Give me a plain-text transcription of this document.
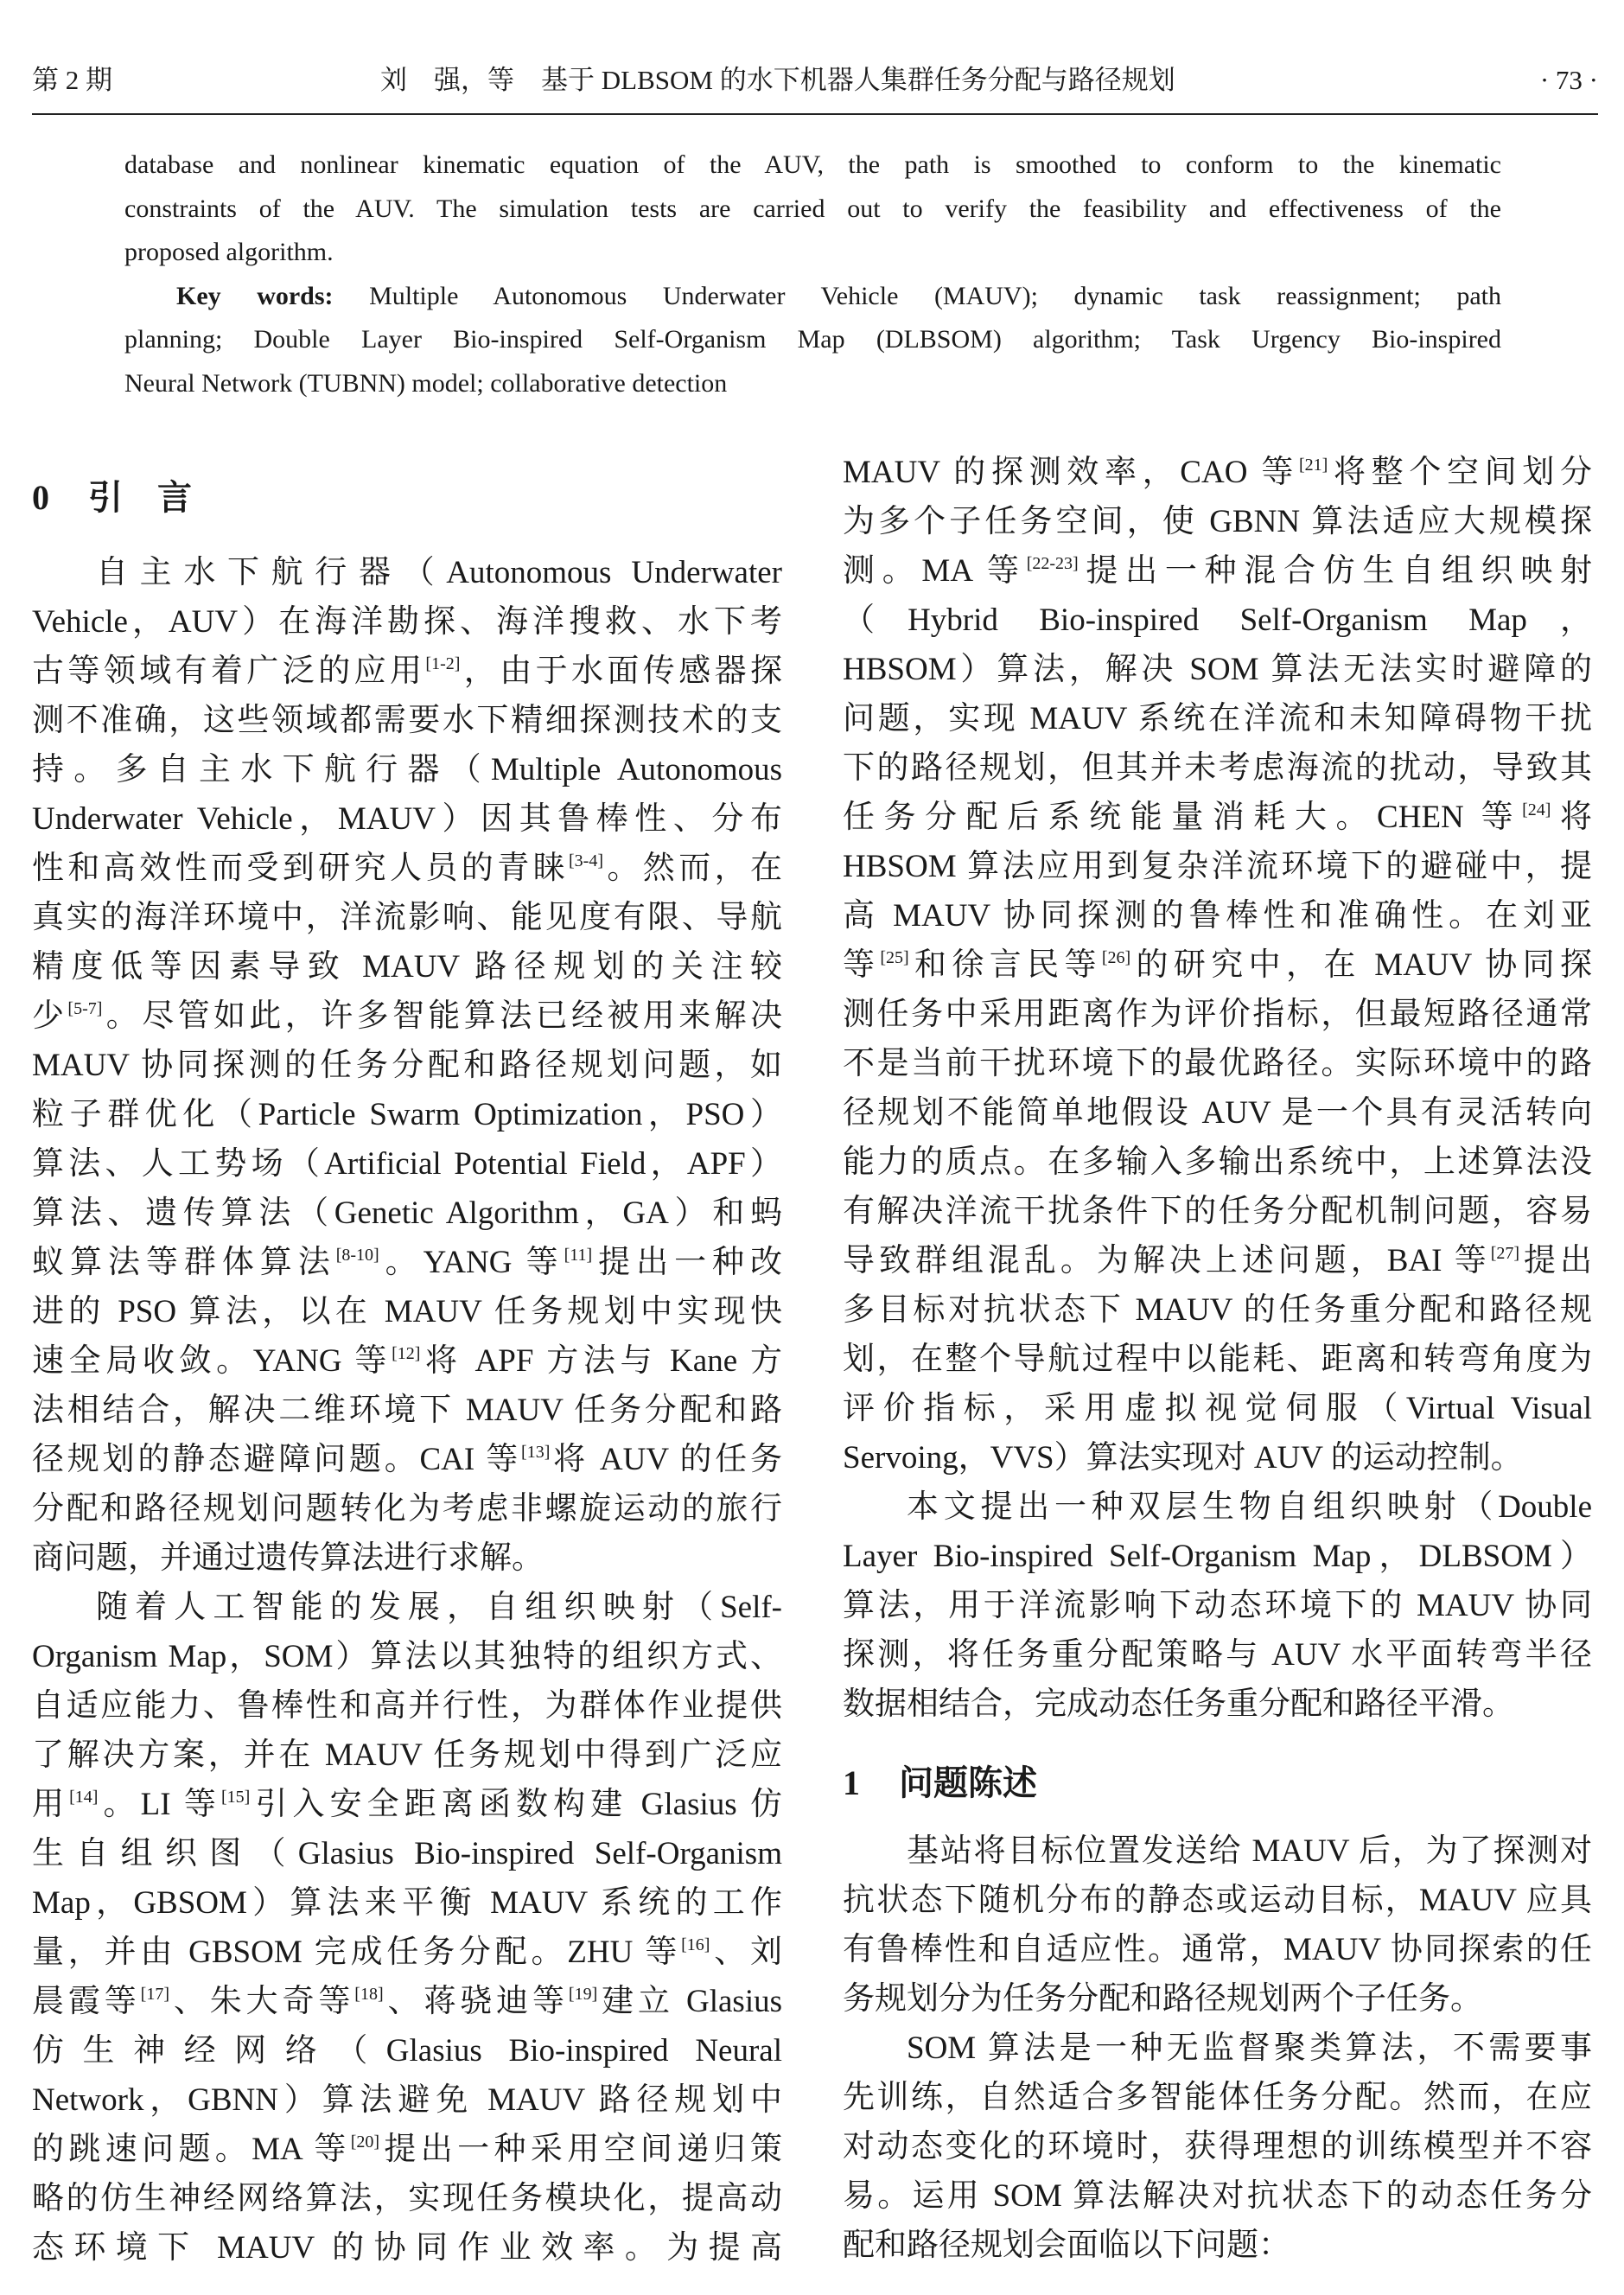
第 2 期	刘　强，等　基于 DLBSOM 的水下机器人集群任务分配与路径规划	· 73 ·
database and nonlinear kinematic equation of the AUV, the path is smoothed to conform to the kinematic
constraints of the AUV. The simulation tests are carried out to verify the feasibility and effectiveness of the
proposed algorithm.
Key words: Multiple Autonomous Underwater Vehicle (MAUV); dynamic task reassignment; path
planning; Double Layer Bio-inspired Self-Organism Map (DLBSOM) algorithm; Task Urgency Bio-inspired
Neural Network (TUBNN) model; collaborative detection
0 引　言
自主水下航行器（Autonomous Underwater
Vehicle，AUV）在海洋勘探、海洋搜救、水下考
古等领域有着广泛的应用[1-2]，由于水面传感器探
测不准确，这些领域都需要水下精细探测技术的支
持。多自主水下航行器（Multiple Autonomous
Underwater Vehicle，MAUV）因其鲁棒性、分布
性和高效性而受到研究人员的青睐[3-4]。然而，在
真实的海洋环境中，洋流影响、能见度有限、导航
精度低等因素导致 MAUV 路径规划的关注较
少[5-7]。尽管如此，许多智能算法已经被用来解决
MAUV 协同探测的任务分配和路径规划问题，如
粒子群优化（Particle Swarm Optimization，PSO）
算法、人工势场（Artificial Potential Field，APF）
算法、遗传算法（Genetic Algorithm，GA）和蚂
蚁算法等群体算法[8-10]。YANG 等[11]提出一种改
进的 PSO 算法，以在 MAUV 任务规划中实现快
速全局收敛。YANG 等[12]将 APF 方法与 Kane 方
法相结合，解决二维环境下 MAUV 任务分配和路
径规划的静态避障问题。CAI 等[13]将 AUV 的任务
分配和路径规划问题转化为考虑非螺旋运动的旅行
商问题，并通过遗传算法进行求解。
随着人工智能的发展，自组织映射（Self-
Organism Map，SOM）算法以其独特的组织方式、
自适应能力、鲁棒性和高并行性，为群体作业提供
了解决方案，并在 MAUV 任务规划中得到广泛应
用[14]。LI 等[15]引入安全距离函数构建 Glasius 仿
生自组织图（Glasius Bio-inspired Self-Organism
Map，GBSOM）算法来平衡 MAUV 系统的工作
量，并由 GBSOM 完成任务分配。ZHU 等[16]、刘
晨霞等[17]、朱大奇等[18]、蒋骁迪等[19]建立 Glasius
仿生神经网络（Glasius Bio-inspired Neural
Network，GBNN）算法避免 MAUV 路径规划中
的跳速问题。MA 等[20]提出一种采用空间递归策
略的仿生神经网络算法，实现任务模块化，提高动
态环境下 MAUV 的协同作业效率。为提高
MAUV 的探测效率，CAO 等[21]将整个空间划分
为多个子任务空间，使 GBNN 算法适应大规模探
测。MA 等[22-23]提出一种混合仿生自组织映射
（Hybrid Bio-inspired Self-Organism Map，
HBSOM）算法，解决 SOM 算法无法实时避障的
问题，实现 MAUV 系统在洋流和未知障碍物干扰
下的路径规划，但其并未考虑海流的扰动，导致其
任务分配后系统能量消耗大。CHEN 等[24]将
HBSOM 算法应用到复杂洋流环境下的避碰中，提
高 MAUV 协同探测的鲁棒性和准确性。在刘亚
等[25]和徐言民等[26]的研究中，在 MAUV 协同探
测任务中采用距离作为评价指标，但最短路径通常
不是当前干扰环境下的最优路径。实际环境中的路
径规划不能简单地假设 AUV 是一个具有灵活转向
能力的质点。在多输入多输出系统中，上述算法没
有解决洋流干扰条件下的任务分配机制问题，容易
导致群组混乱。为解决上述问题，BAI 等[27]提出
多目标对抗状态下 MAUV 的任务重分配和路径规
划，在整个导航过程中以能耗、距离和转弯角度为
评价指标，采用虚拟视觉伺服（Virtual Visual
Servoing，VVS）算法实现对 AUV 的运动控制。
本文提出一种双层生物自组织映射（Double
Layer Bio-inspired Self-Organism Map，DLBSOM）
算法，用于洋流影响下动态环境下的 MAUV 协同
探测，将任务重分配策略与 AUV 水平面转弯半径
数据相结合，完成动态任务重分配和路径平滑。
1 问题陈述
基站将目标位置发送给 MAUV 后，为了探测对
抗状态下随机分布的静态或运动目标，MAUV 应具
有鲁棒性和自适应性。通常，MAUV 协同探索的任
务规划分为任务分配和路径规划两个子任务。
SOM 算法是一种无监督聚类算法，不需要事
先训练，自然适合多智能体任务分配。然而，在应
对动态变化的环境时，获得理想的训练模型并不容
易。运用 SOM 算法解决对抗状态下的动态任务分
配和路径规划会面临以下问题：
